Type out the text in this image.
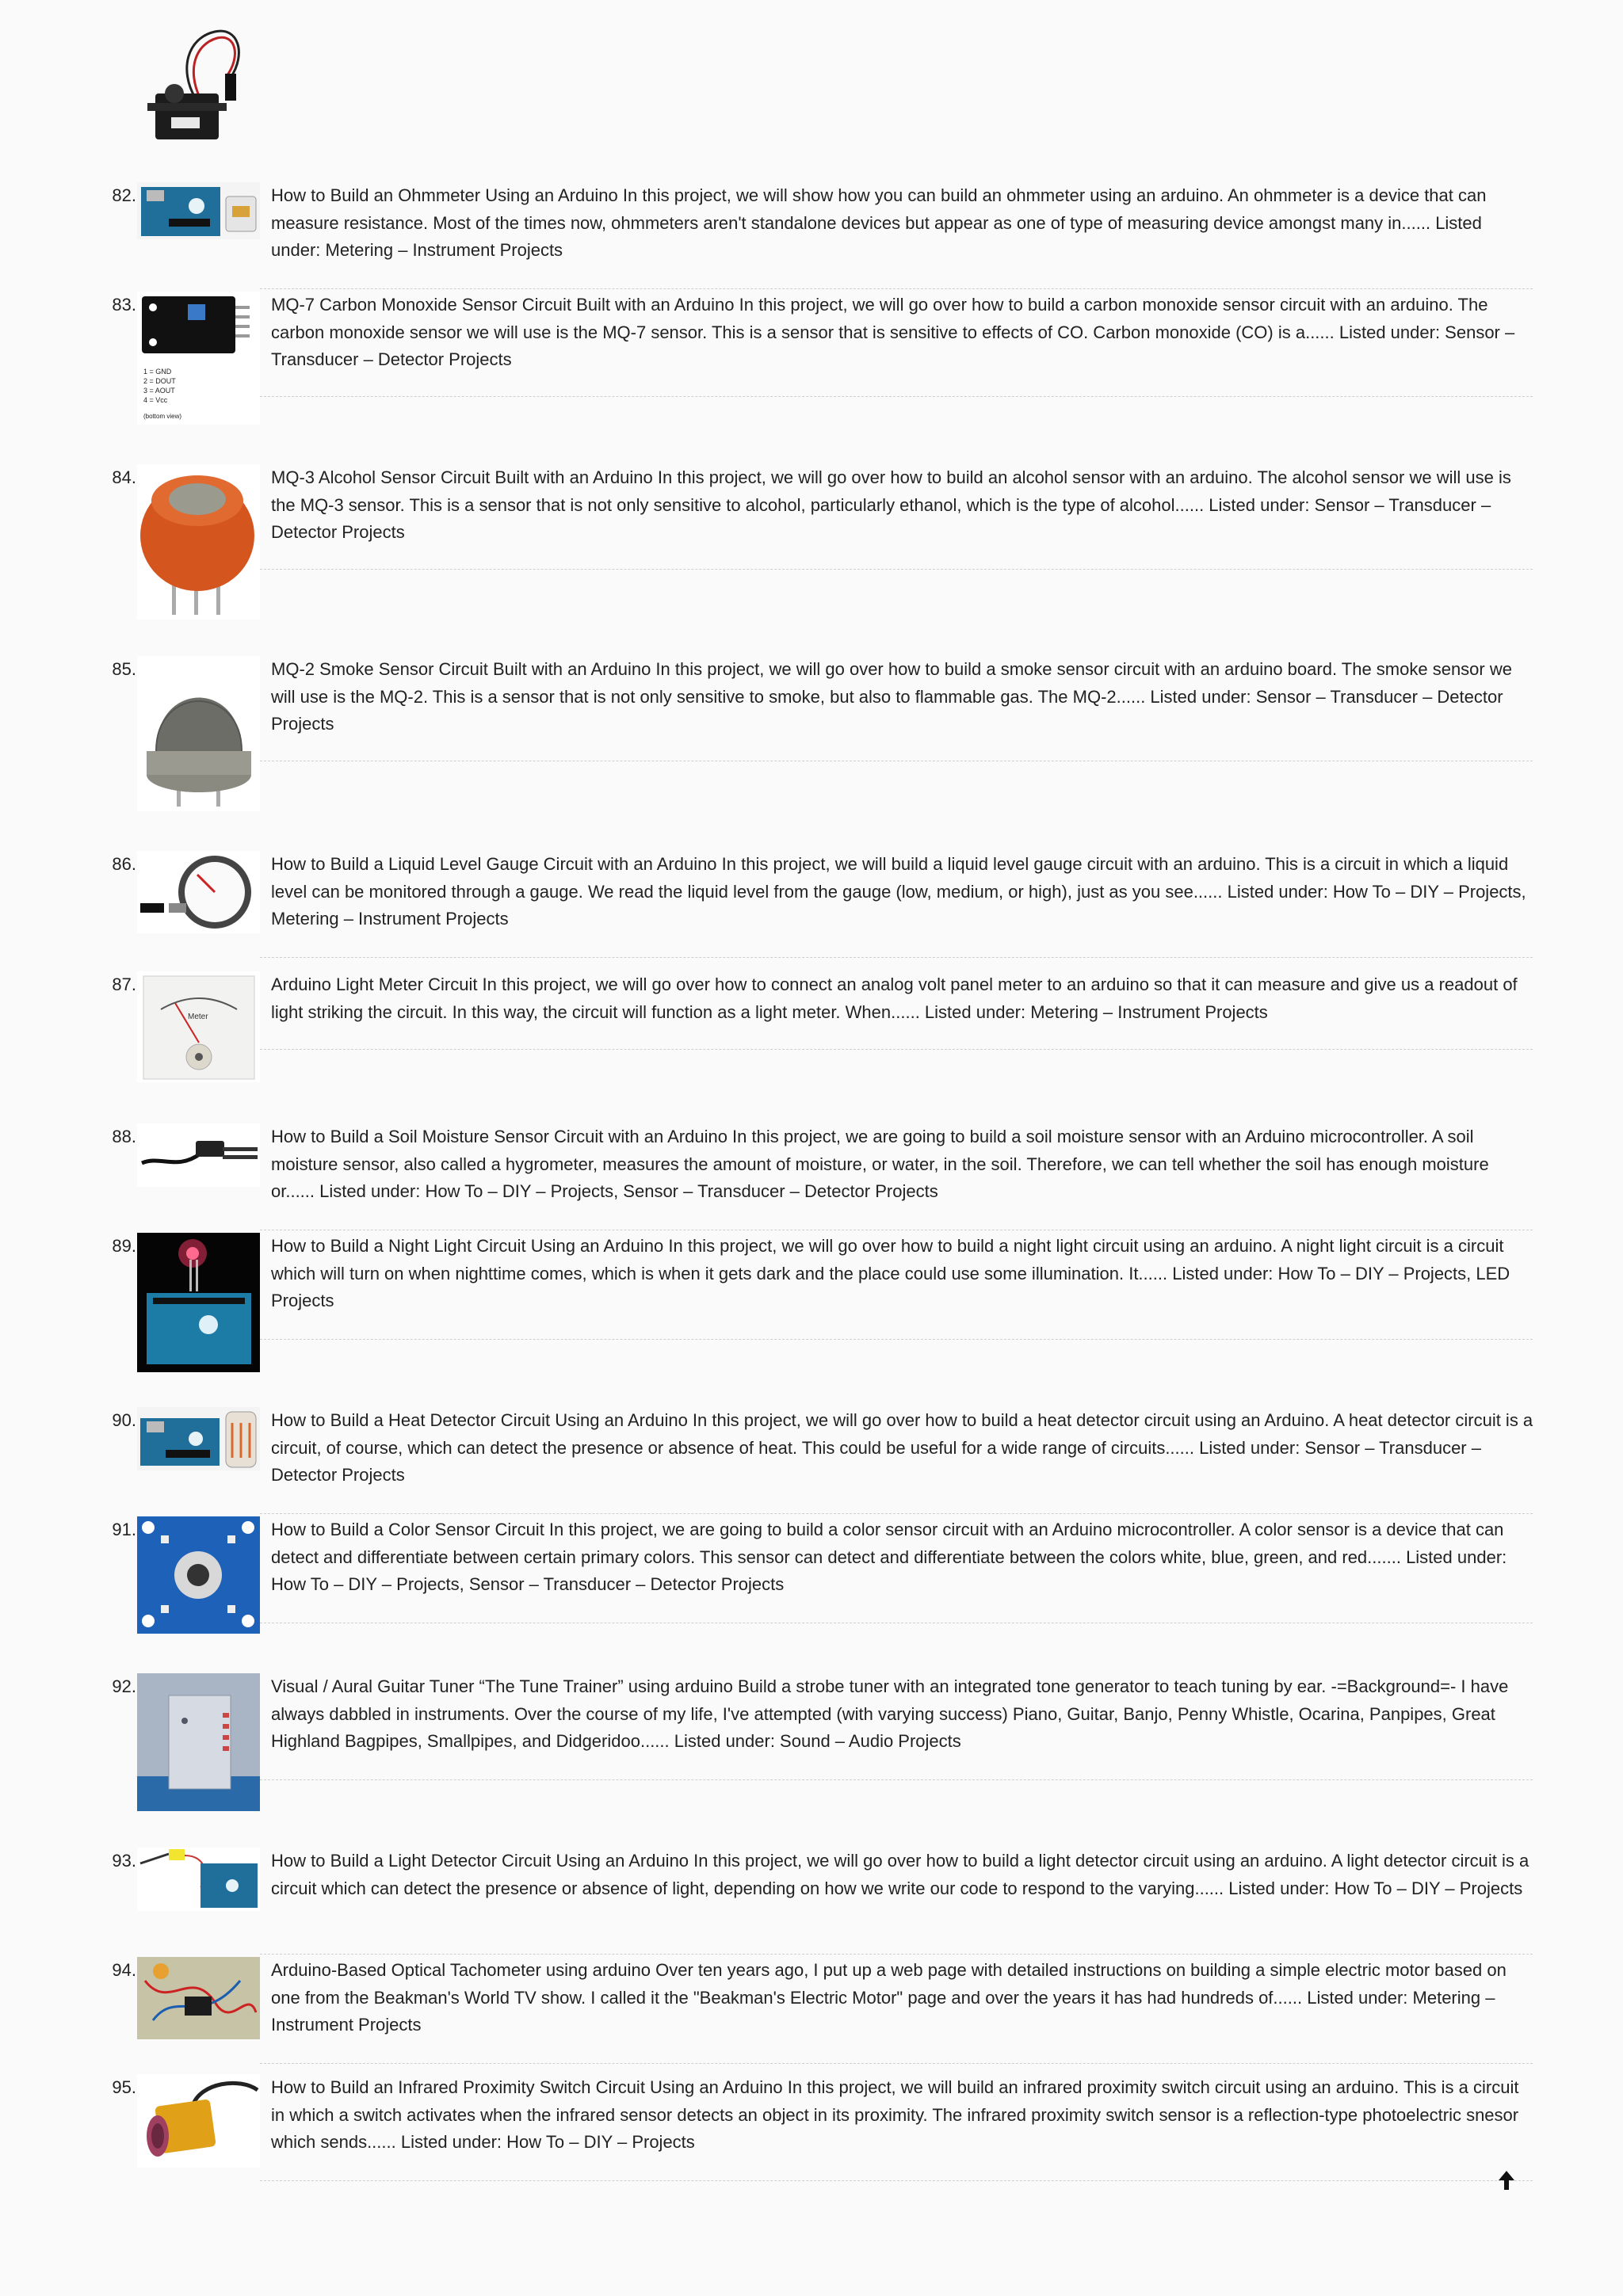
82.	How to Build an Ohmmeter Using an Arduino In this project, we will show how you can build an ohmmeter using an arduino. An ohmmeter is a device that can measure resistance. Most of the times now, ohmmeters aren't standalone devices but appear as one of type of measuring device amongst many in...... Listed under: Metering – Instrument Projects
83.
1 = GND
2 = DOUT
3 = AOUT
4 = Vcc
(bottom view)
MQ-7 Carbon Monoxide Sensor Circuit Built with an Arduino In this project, we will go over how to build a carbon monoxide sensor circuit with an arduino. The carbon monoxide sensor we will use is the MQ-7 sensor. This is a sensor that is sensitive to effects of CO. Carbon monoxide (CO) is a...... Listed under: Sensor – Transducer – Detector Projects
84.	MQ-3 Alcohol Sensor Circuit Built with an Arduino In this project, we will go over how to build an alcohol sensor with an arduino. The alcohol sensor we will use is the MQ-3 sensor. This is a sensor that is not only sensitive to alcohol, particularly ethanol, which is the type of alcohol...... Listed under: Sensor – Transducer – Detector Projects
85.	MQ-2 Smoke Sensor Circuit Built with an Arduino In this project, we will go over how to build a smoke sensor circuit with an arduino board. The smoke sensor we will use is the MQ-2. This is a sensor that is not only sensitive to smoke, but also to flammable gas. The MQ-2...... Listed under: Sensor – Transducer – Detector Projects
86.	How to Build a Liquid Level Gauge Circuit with an Arduino In this project, we will build a liquid level gauge circuit with an arduino. This is a circuit in which a liquid level can be monitored through a gauge. We read the liquid level from the gauge (low, medium, or high), just as you see...... Listed under: How To – DIY – Projects, Metering – Instrument Projects
87.
Meter
Arduino Light Meter Circuit In this project, we will go over how to connect an analog volt panel meter to an arduino so that it can measure and give us a readout of light striking the circuit. In this way, the circuit will function as a light meter. When...... Listed under: Metering – Instrument Projects
88.	How to Build a Soil Moisture Sensor Circuit with an Arduino In this project, we are going to build a soil moisture sensor with an Arduino microcontroller. A soil moisture sensor, also called a hygrometer, measures the amount of moisture, or water, in the soil. Therefore, we can tell whether the soil has enough moisture or...... Listed under: How To – DIY – Projects, Sensor – Transducer – Detector Projects
89.	How to Build a Night Light Circuit Using an Arduino In this project, we will go over how to build a night light circuit using an arduino. A night light circuit is a circuit which will turn on when nighttime comes, which is when it gets dark and the place could use some illumination. It...... Listed under: How To – DIY – Projects, LED Projects
90.	How to Build a Heat Detector Circuit Using an Arduino In this project, we will go over how to build a heat detector circuit using an Arduino. A heat detector circuit is a circuit, of course, which can detect the presence or absence of heat. This could be useful for a wide range of circuits...... Listed under: Sensor – Transducer – Detector Projects
91.	How to Build a Color Sensor Circuit In this project, we are going to build a color sensor circuit with an Arduino microcontroller. A color sensor is a device that can detect and differentiate between certain primary colors. This sensor can detect and differentiate between the colors white, blue, green, and red....... Listed under: How To – DIY – Projects, Sensor – Transducer – Detector Projects
92.	Visual / Aural Guitar Tuner “The Tune Trainer” using arduino Build a strobe tuner with an integrated tone generator to teach tuning by ear. -=Background=- I have always dabbled in instruments. Over the course of my life, I've attempted (with varying success) Piano, Guitar, Banjo, Penny Whistle, Ocarina, Panpipes, Great Highland Bagpipes, Smallpipes, and Didgeridoo...... Listed under: Sound – Audio Projects
93.	How to Build a Light Detector Circuit Using an Arduino In this project, we will go over how to build a light detector circuit using an arduino. A light detector circuit is a circuit which can detect the presence or absence of light, depending on how we write our code to respond to the varying...... Listed under: How To – DIY – Projects
94.	Arduino-Based Optical Tachometer using arduino Over ten years ago, I put up a web page with detailed instructions on building a simple electric motor based on one from the Beakman's World TV show. I called it the "Beakman's Electric Motor" page and over the years it has had hundreds of...... Listed under: Metering – Instrument Projects
95.	How to Build an Infrared Proximity Switch Circuit Using an Arduino In this project, we will build an infrared proximity switch circuit using an arduino. This is a circuit in which a switch activates when the infrared sensor detects an object in its proximity. The infrared proximity switch sensor is a reflection-type photoelectric snesor which sends...... Listed under: How To – DIY – Projects
